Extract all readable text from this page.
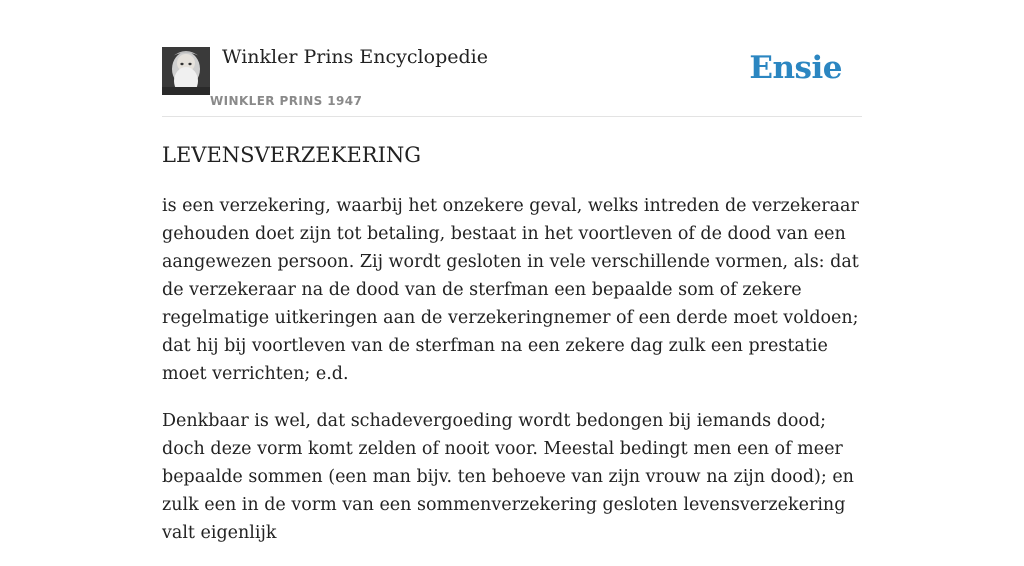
Winkler Prins Encyclopedie
WINKLER PRINS 1947
Ensie
LEVENSVERZEKERING

is een verzekering, waarbij het onzekere geval, welks intreden de verzekeraar gehouden doet zijn tot betaling, bestaat in het voortleven of de dood van een aangewezen persoon. Zij wordt gesloten in vele verschillende vormen, als: dat de verzekeraar na de dood van de sterfman een bepaalde som of zekere regelmatige uitkeringen aan de verzekeringnemer of een derde moet voldoen; dat hij bij voortleven van de sterfman na een zekere dag zulk een prestatie moet verrichten; e.d.

Denkbaar is wel, dat schadevergoeding wordt bedongen bij iemands dood; doch deze vorm komt zelden of nooit voor. Meestal bedingt men een of meer bepaalde sommen (een man bijv. ten behoeve van zijn vrouw na zijn dood); en zulk een in de vorm van een sommenverzekering gesloten levensverzekering valt eigenlijk
